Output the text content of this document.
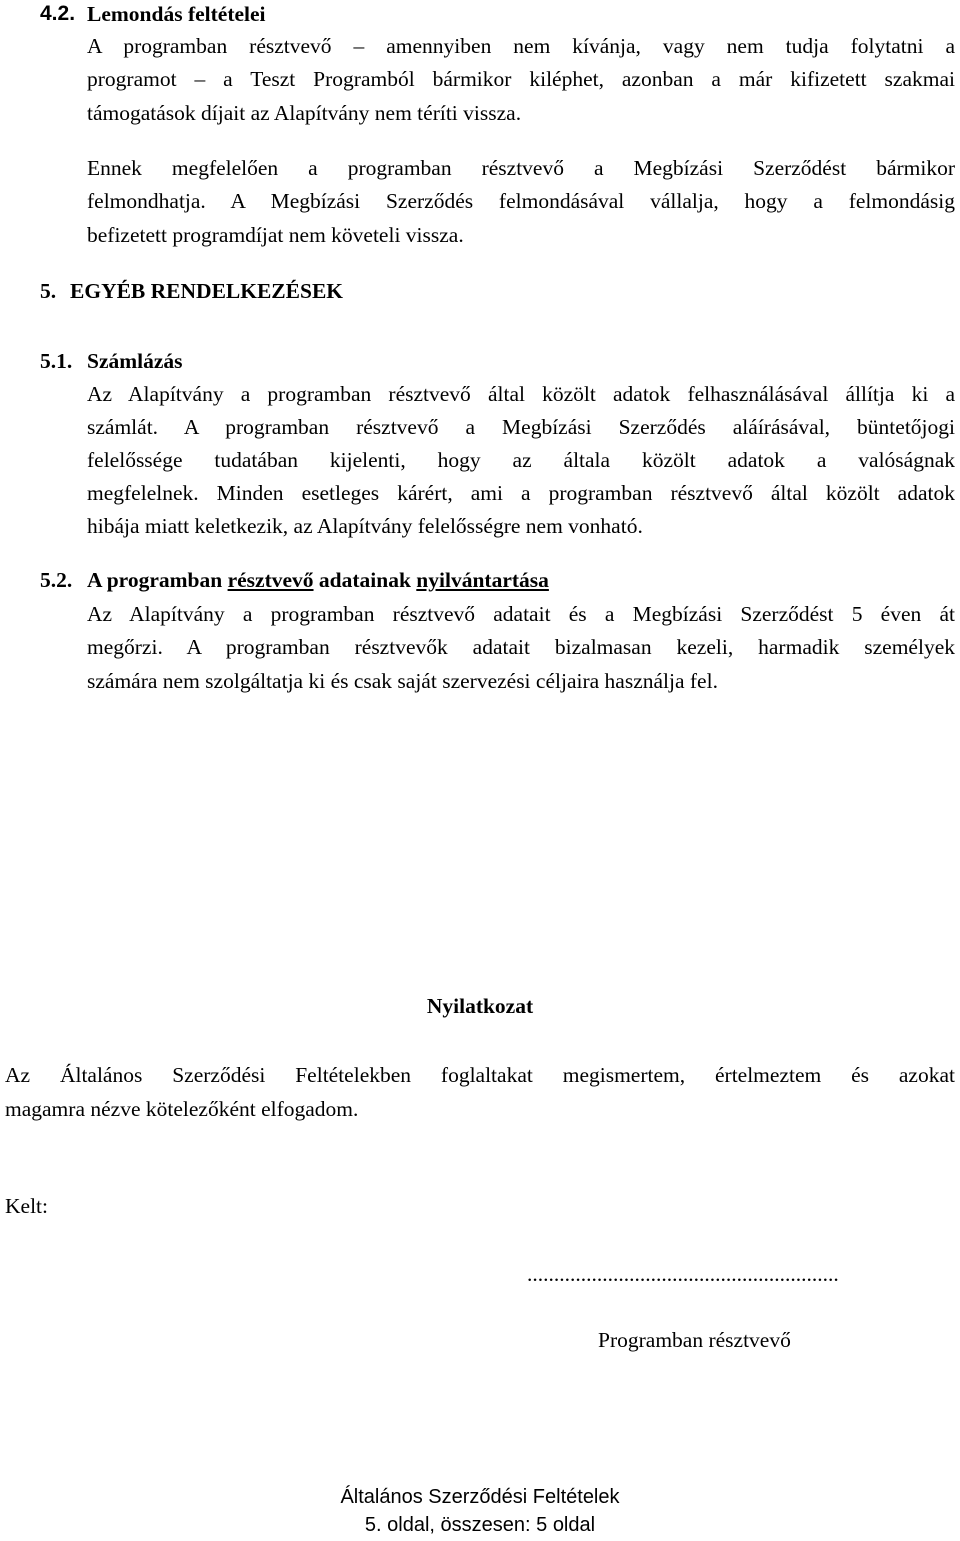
4.2. Lemondás feltételei
A programban résztvevő – amennyiben nem kívánja, vagy nem tudja folytatni a
programot – a Teszt Programból bármikor kiléphet, azonban a már kifizetett szakmai
támogatások díjait az Alapítvány nem téríti vissza.
Ennek megfelelően a programban résztvevő a Megbízási Szerződést bármikor
felmondhatja. A Megbízási Szerződés felmondásával vállalja, hogy a felmondásig
befizetett programdíjat nem követeli vissza.
5. EGYÉB RENDELKEZÉSEK
5.1. Számlázás
Az Alapítvány a programban résztvevő által közölt adatok felhasználásával állítja ki a
számlát. A programban résztvevő a Megbízási Szerződés aláírásával, büntetőjogi
felelőssége tudatában kijelenti, hogy az általa közölt adatok a valóságnak
megfelelnek. Minden esetleges kárért, ami a programban résztvevő által közölt adatok
hibája miatt keletkezik, az Alapítvány felelősségre nem vonható.
5.2. A programban résztvevő adatainak nyilvántartása
Az Alapítvány a programban résztvevő adatait és a Megbízási Szerződést 5 éven át
megőrzi. A programban résztvevők adatait bizalmasan kezeli, harmadik személyek
számára nem szolgáltatja ki és csak saját szervezési céljaira használja fel.
Nyilatkozat
Az Általános Szerződési Feltételekben foglaltakat megismertem, értelmeztem és azokat
magamra nézve kötelezőként elfogadom.
Kelt:
..........................................................
Programban résztvevő
Általános Szerződési Feltételek
5. oldal, összesen: 5 oldal
